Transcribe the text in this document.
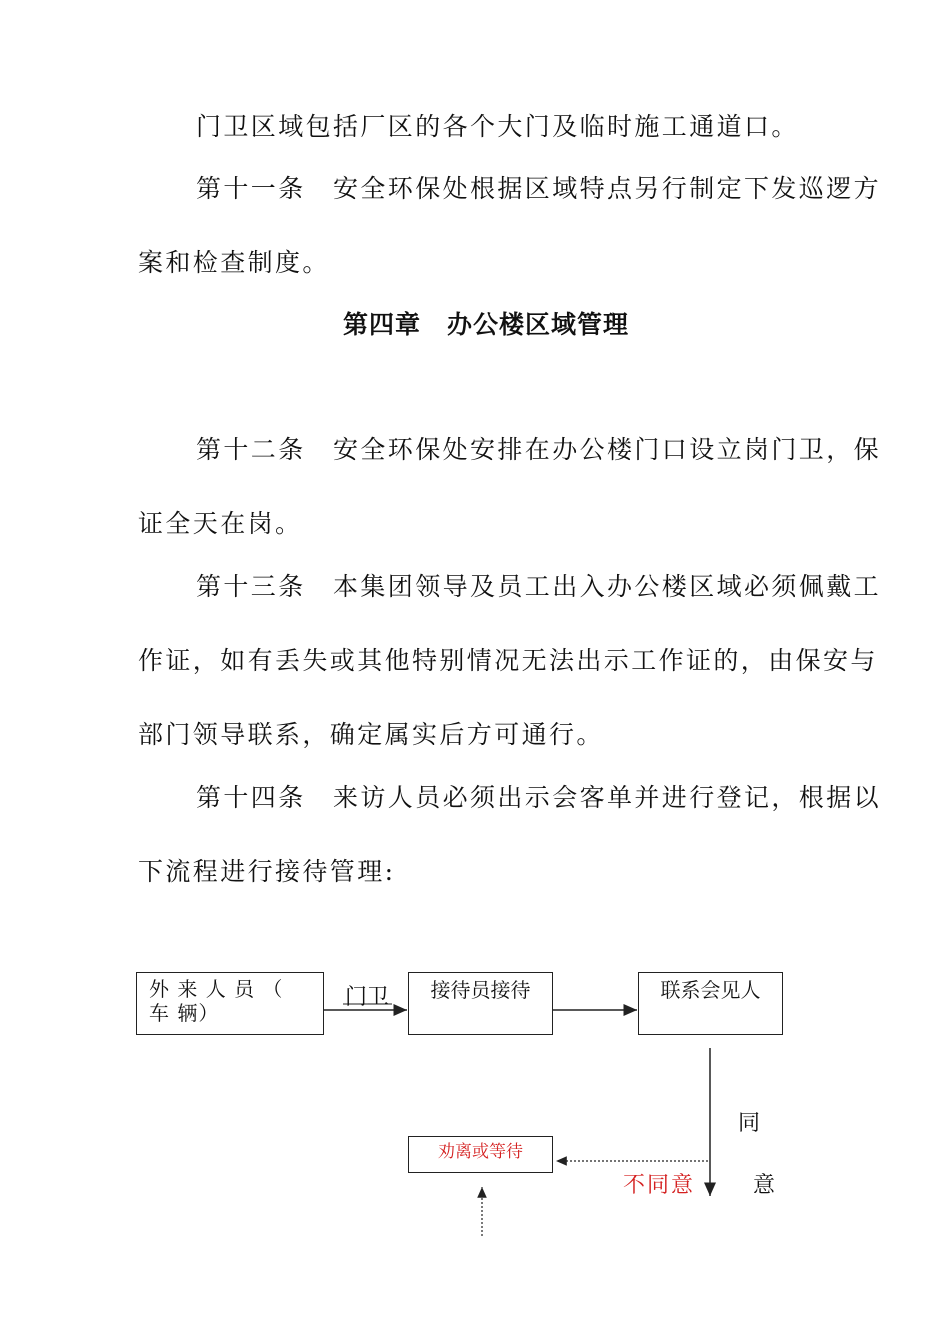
门卫区域包括厂区的各个大门及临时施工通道口。
第十一条　安全环保处根据区域特点另行制定下发巡逻方
案和检查制度。
第四章　办公楼区域管理
第十二条　安全环保处安排在办公楼门口设立岗门卫，保
证全天在岗。
第十三条　本集团领导及员工出入办公楼区域必须佩戴工
作证，如有丢失或其他特别情况无法出示工作证的，由保安与
部门领导联系，确定属实后方可通行。
第十四条　来访人员必须出示会客单并进行登记，根据以
下流程进行接待管理:
外 来 人 员 （ 车 辆）
门卫	接待员接待	联系会见人
同
意
不同意
劝离或等待
